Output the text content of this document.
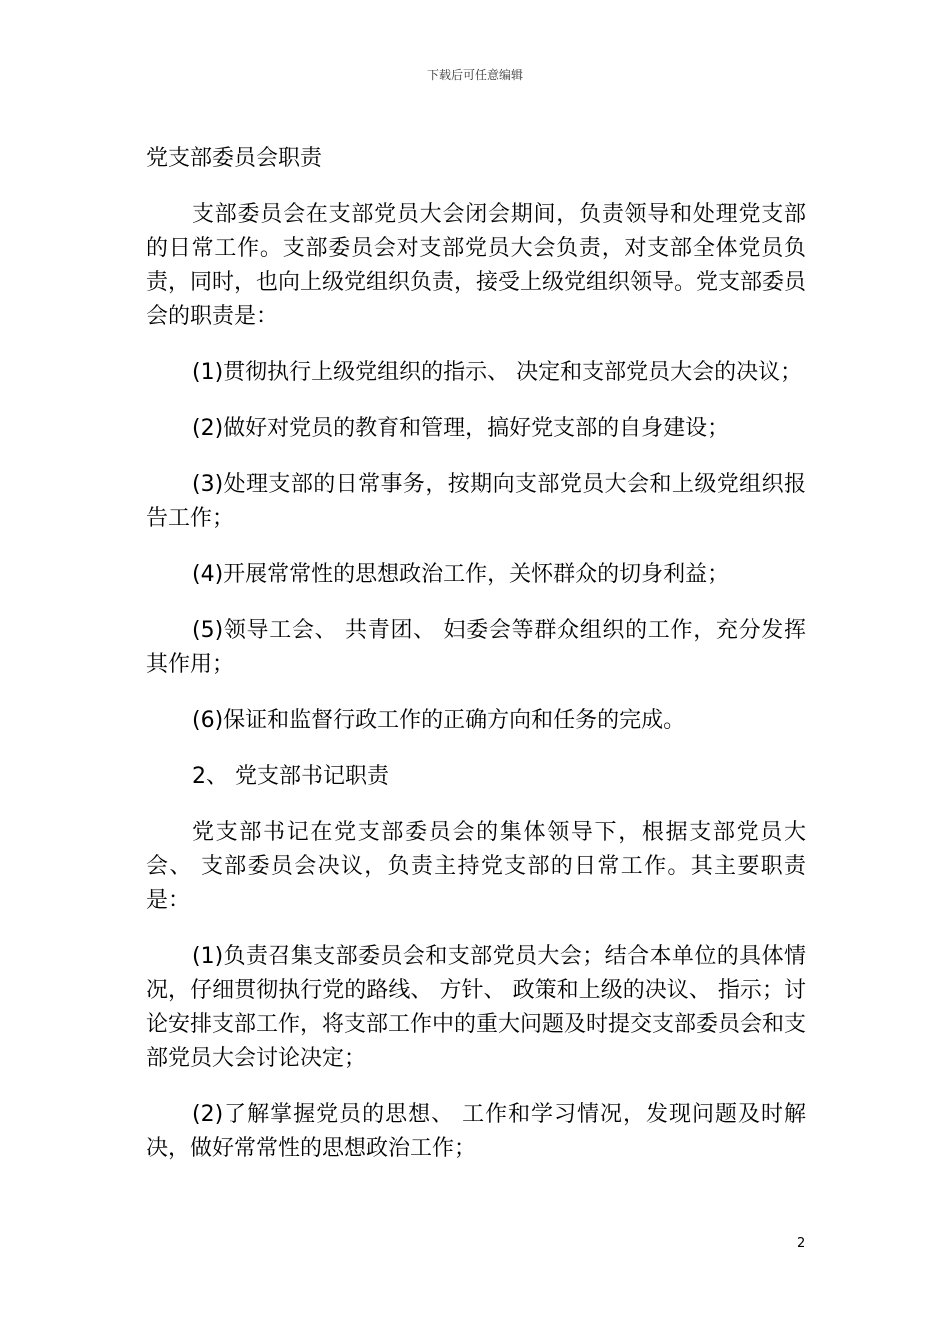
下载后可任意编辑
党支部委员会职责

支部委员会在支部党员大会闭会期间，负责领导和处理党支部的日常工作。支部委员会对支部党员大会负责，对支部全体党员负责，同时，也向上级党组织负责，接受上级党组织领导。党支部委员会的职责是：

(1)贯彻执行上级党组织的指示、 决定和支部党员大会的决议；

(2)做好对党员的教育和管理，搞好党支部的自身建设；

(3)处理支部的日常事务，按期向支部党员大会和上级党组织报告工作；

(4)开展常常性的思想政治工作，关怀群众的切身利益；

(5)领导工会、 共青团、 妇委会等群众组织的工作，充分发挥其作用；

(6)保证和监督行政工作的正确方向和任务的完成。

2、 党支部书记职责

党支部书记在党支部委员会的集体领导下，根据支部党员大会、 支部委员会决议，负责主持党支部的日常工作。其主要职责是：

(1)负责召集支部委员会和支部党员大会；结合本单位的具体情况，仔细贯彻执行党的路线、 方针、 政策和上级的决议、 指示；讨论安排支部工作，将支部工作中的重大问题及时提交支部委员会和支部党员大会讨论决定；

(2)了解掌握党员的思想、 工作和学习情况，发现问题及时解决，做好常常性的思想政治工作；

2
